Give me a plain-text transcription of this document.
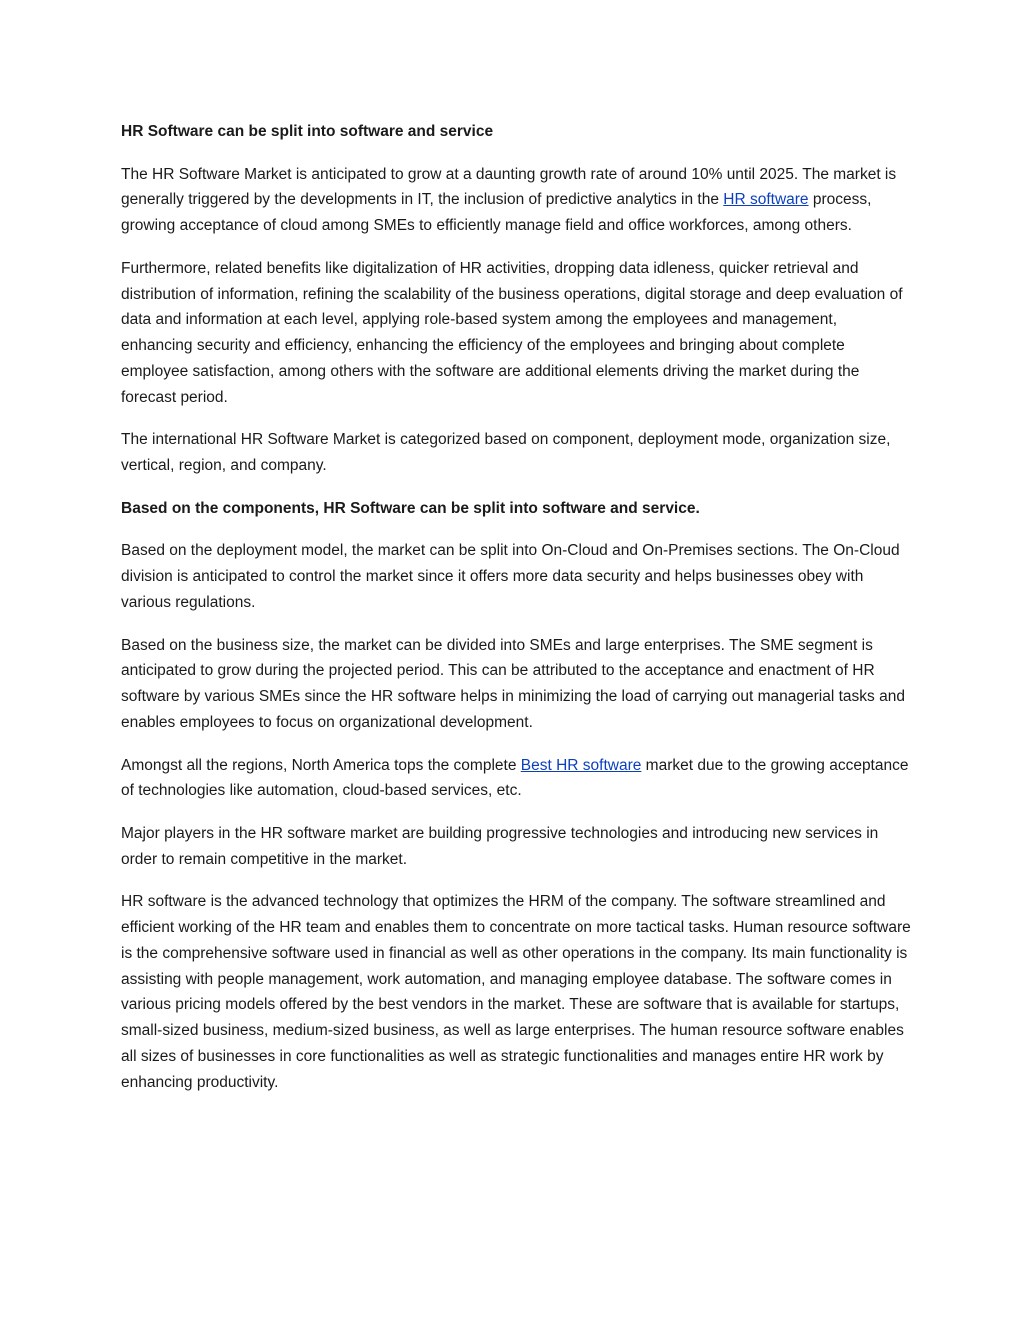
HR Software can be split into software and service

The HR Software Market is anticipated to grow at a daunting growth rate of around 10% until 2025. The market is generally triggered by the developments in IT, the inclusion of predictive analytics in the HR software process, growing acceptance of cloud among SMEs to efficiently manage field and office workforces, among others.

Furthermore, related benefits like digitalization of HR activities, dropping data idleness, quicker retrieval and distribution of information, refining the scalability of the business operations, digital storage and deep evaluation of data and information at each level, applying role-based system among the employees and management, enhancing security and efficiency, enhancing the efficiency of the employees and bringing about complete employee satisfaction, among others with the software are additional elements driving the market during the forecast period.

The international HR Software Market is categorized based on component, deployment mode, organization size, vertical, region, and company.

Based on the components, HR Software can be split into software and service.

Based on the deployment model, the market can be split into On-Cloud and On-Premises sections. The On-Cloud division is anticipated to control the market since it offers more data security and helps businesses obey with various regulations.

Based on the business size, the market can be divided into SMEs and large enterprises. The SME segment is anticipated to grow during the projected period. This can be attributed to the acceptance and enactment of HR software by various SMEs since the HR software helps in minimizing the load of carrying out managerial tasks and enables employees to focus on organizational development.

Amongst all the regions, North America tops the complete Best HR software market due to the growing acceptance of technologies like automation, cloud-based services, etc.

Major players in the HR software market are building progressive technologies and introducing new services in order to remain competitive in the market.

HR software is the advanced technology that optimizes the HRM of the company. The software streamlined and efficient working of the HR team and enables them to concentrate on more tactical tasks. Human resource software is the comprehensive software used in financial as well as other operations in the company. Its main functionality is assisting with people management, work automation, and managing employee database. The software comes in various pricing models offered by the best vendors in the market. These are software that is available for startups, small-sized business, medium-sized business, as well as large enterprises. The human resource software enables all sizes of businesses in core functionalities as well as strategic functionalities and manages entire HR work by enhancing productivity.
